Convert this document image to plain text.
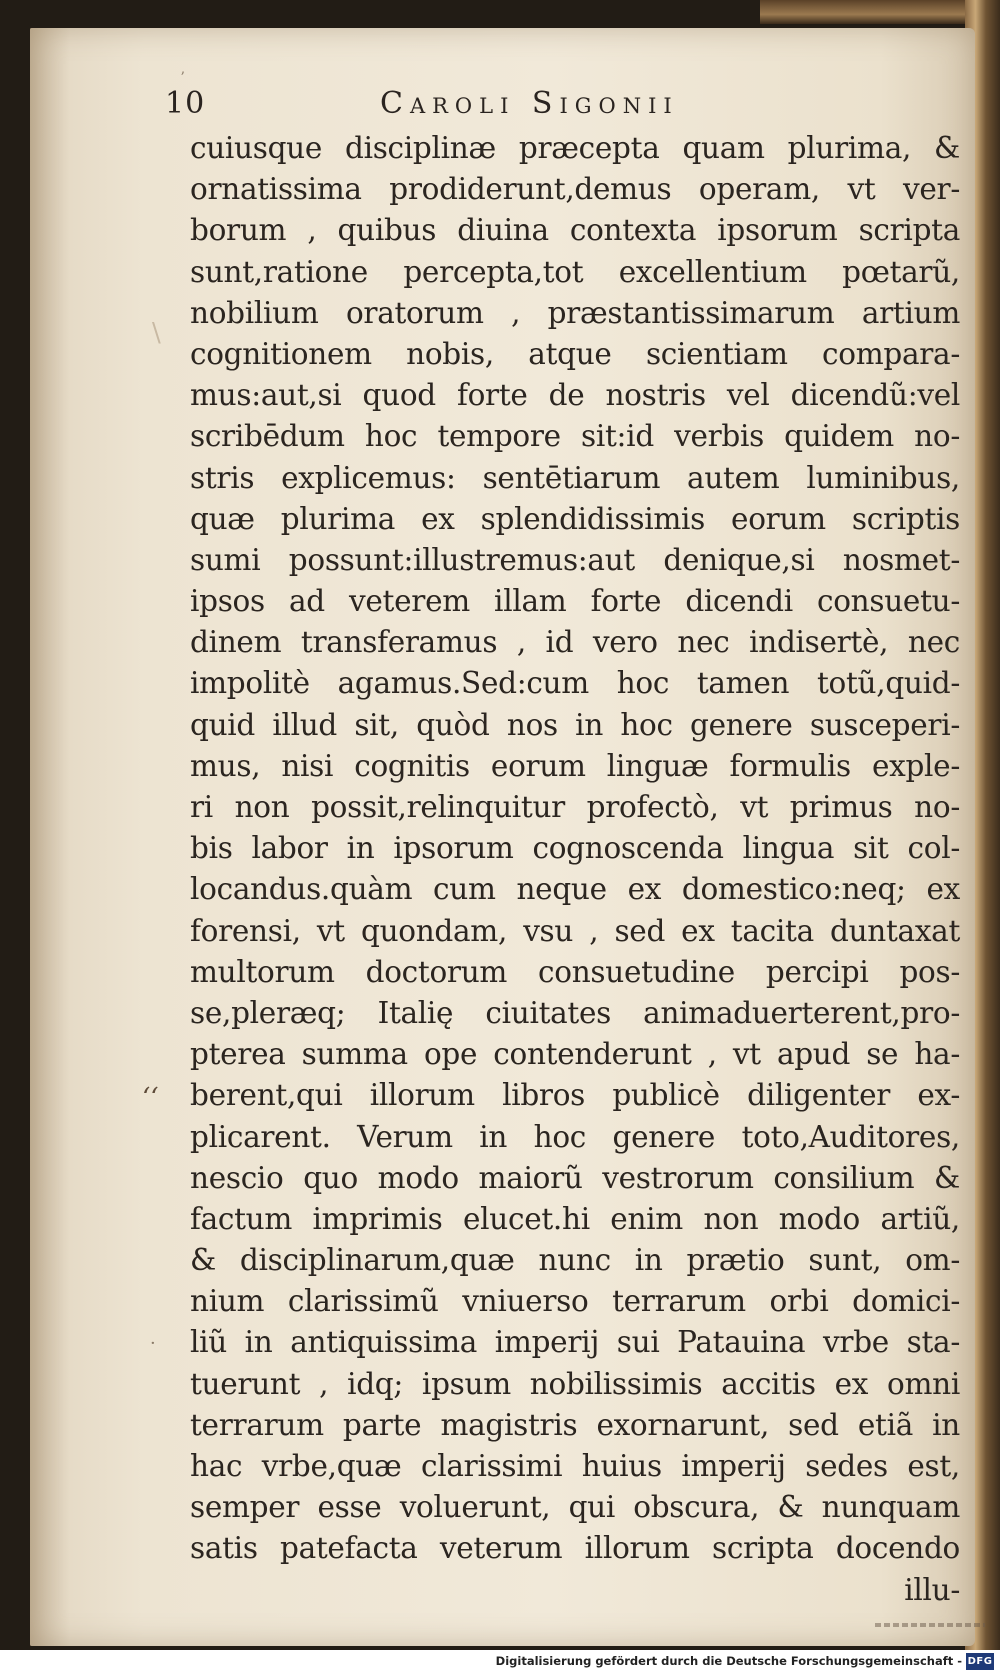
10	Caroli Sigonii
ʼ
\
‘‘
·
cuiusque disciplinæ præcepta quam plurima, &
ornatissima prodiderunt,demus operam, vt ver-
borum , quibus diuina contexta ipsorum scripta
sunt,ratione percepta,tot excellentium pœtarũ,
nobilium oratorum , præstantissimarum artium
cognitionem nobis, atque scientiam compara-
mus:aut,si quod forte de nostris vel dicendũ:vel
scribēdum hoc tempore sit:id verbis quidem no-
stris explicemus: sentētiarum autem luminibus,
quæ plurima ex splendidissimis eorum scriptis
sumi possunt:illustremus:aut denique,si nosmet-
ipsos ad veterem illam forte dicendi consuetu-
dinem transferamus , id vero nec indisertè, nec
impolitè agamus.Sed:cum hoc tamen totũ,quid-
quid illud sit, quòd nos in hoc genere susceperi-
mus, nisi cognitis eorum linguæ formulis exple-
ri non possit,relinquitur profectò, vt primus no-
bis labor in ipsorum cognoscenda lingua sit col-
locandus.quàm cum neque ex domestico:neq; ex
forensi, vt quondam, vsu , sed ex tacita duntaxat
multorum doctorum consuetudine percipi pos-
se,pleræq; Italię ciuitates animaduerterent,pro-
pterea summa ope contenderunt , vt apud se ha-
berent,qui illorum libros publicè diligenter ex-
plicarent. Verum in hoc genere toto,Auditores,
nescio quo modo maiorũ vestrorum consilium &
factum imprimis elucet.hi enim non modo artiũ,
& disciplinarum,quæ nunc in prætio sunt, om-
nium clarissimũ vniuerso terrarum orbi domici-
liũ in antiquissima imperij sui Patauina vrbe sta-
tuerunt , idq; ipsum nobilissimis accitis ex omni
terrarum parte magistris exornarunt, sed etiã in
hac vrbe,quæ clarissimi huius imperij sedes est,
semper esse voluerunt, qui obscura, & nunquam
satis patefacta veterum illorum scripta docendo
illu-
Digitalisierung gefördert durch die Deutsche Forschungsgemeinschaft - DFG
